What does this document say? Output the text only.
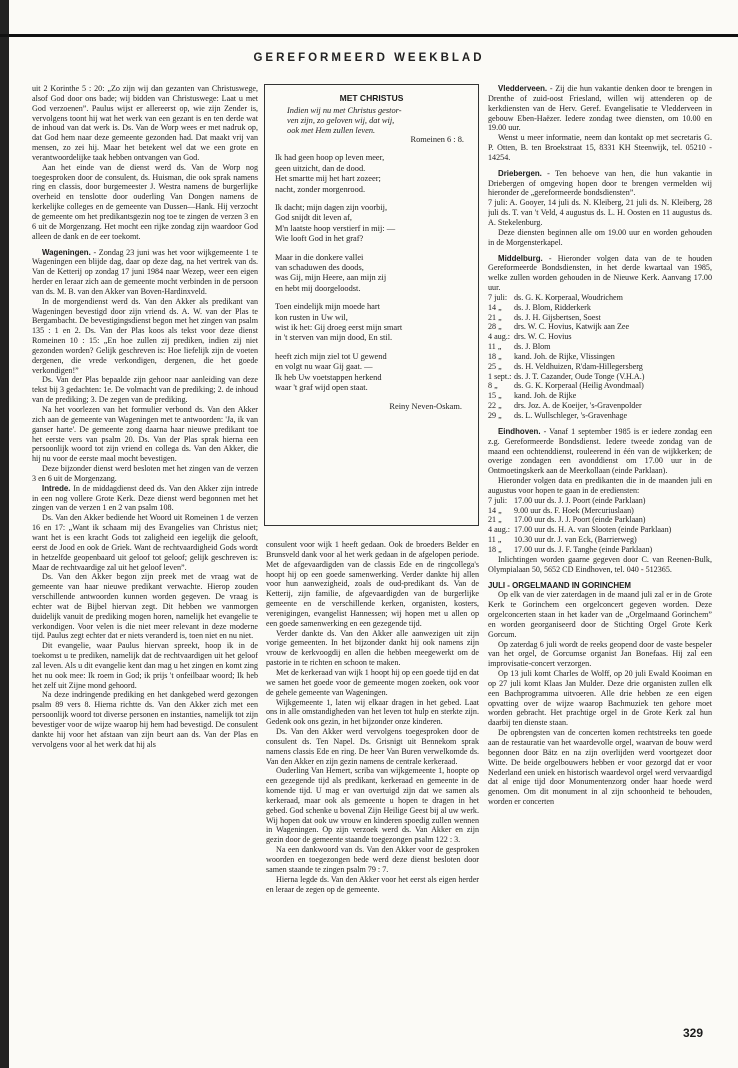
GEREFORMEERD WEEKBLAD

uit 2 Korinthe 5 : 20: „Zo zijn wij dan gezanten van Christuswege, alsof God door ons bade; wij bidden van Christuswege: Laat u met God verzoenen”. Paulus wijst er allereerst op, wie zijn Zender is, vervolgens toont hij wat het werk van een gezant is en ten derde wat de inhoud van dat werk is. Ds. Van de Worp wees er met nadruk op, dat God hem naar deze gemeente gezonden had. Dat maakt vrij van mensen, zo zei hij. Maar het betekent wel dat we een grote en verantwoordelijke taak hebben ontvangen van God.

Aan het einde van de dienst werd ds. Van de Worp nog toegesproken door de consulent, ds. Huisman, die ook sprak namens ring en classis, door burgemeester J. Westra namens de burgerlijke overheid en tenslotte door ouderling Van Dongen namens de kerkelijke colleges en de gemeente van Dussen—Hank. Hij verzocht de gemeente om het predikantsgezin nog toe te zingen de verzen 3 en 6 uit de Morgenzang. Het mocht een rijke zondag zijn waardoor God alleen de dank en de eer toekomt.

Wageningen. - Zondag 23 juni was het voor wijkgemeente 1 te Wageningen een blijde dag, daar op deze dag, na het vertrek van ds. Van de Ketterij op zondag 17 juni 1984 naar Wezep, weer een eigen herder en leraar zich aan de gemeente mocht verbinden in de persoon van ds. M. B. van den Akker van Boven-Hardinxveld.

In de morgendienst werd ds. Van den Akker als predikant van Wageningen bevestigd door zijn vriend ds. A. W. van der Plas te Bergambacht. De bevestigingsdienst begon met het zingen van psalm 135 : 1 en 2. Ds. Van der Plas koos als tekst voor deze dienst Romeinen 10 : 15: „En hoe zullen zij prediken, indien zij niet gezonden worden? Gelijk geschreven is: Hoe liefelijk zijn de voeten dergenen, die vrede verkondigen, dergenen, die het goede verkondigen!”

Ds. Van der Plas bepaalde zijn gehoor naar aanleiding van deze tekst bij 3 gedachten: 1e. De volmacht van de prediking; 2. de inhoud van de prediking; 3. De zegen van de prediking.

Na het voorlezen van het formulier verbond ds. Van den Akker zich aan de gemeente van Wageningen met te antwoorden: 'Ja, ik van ganser harte'. De gemeente zong daarna haar nieuwe predikant toe het eerste vers van psalm 20. Ds. Van der Plas sprak hierna een persoonlijk woord tot zijn vriend en collega ds. Van den Akker, die hij nu voor de eerste maal mocht bevestigen.

Deze bijzonder dienst werd besloten met het zingen van de verzen 3 en 6 uit de Morgenzang.

Intrede. In de middagdienst deed ds. Van den Akker zijn intrede in een nog vollere Grote Kerk. Deze dienst werd begonnen met het zingen van de verzen 1 en 2 van psalm 108.

Ds. Van den Akker bediende het Woord uit Romeinen 1 de verzen 16 en 17: „Want ik schaam mij des Evangelies van Christus niet; want het is een kracht Gods tot zaligheid een iegelijk die gelooft, eerst de Jood en ook de Griek. Want de rechtvaardigheid Gods wordt in hetzelfde geopenbaard uit geloof tot geloof; gelijk geschreven is: Maar de rechtvaardige zal uit het geloof leven”.

Ds. Van den Akker begon zijn preek met de vraag wat de gemeente van haar nieuwe predikant verwachte. Hierop zouden verschillende antwoorden kunnen worden gegeven. De vraag is echter wat de Bijbel hiervan zegt. Dit hebben we vanmorgen duidelijk vanuit de prediking mogen horen, namelijk het evangelie te verkondigen. Voor velen is die niet meer relevant in deze moderne tijd. Paulus zegt echter dat er niets veranderd is, toen niet en nu niet.

Dit evangelie, waar Paulus hiervan spreekt, hoop ik in de toekomst u te prediken, namelijk dat de rechtvaardigen uit het geloof zal leven. Als u dit evangelie kent dan mag u het zingen en komt zing het nu ook mee: Ik roem in God; ik prijs 't onfeilbaar woord; Ik heb het zelf uit Zijne mond gehoord.

Na deze indringende prediking en het dankgebed werd gezongen psalm 89 vers 8. Hierna richtte ds. Van den Akker zich met een persoonlijk woord tot diverse personen en instanties, namelijk tot zijn bevestiger voor de wijze waarop hij hem had bevestigd. De consulent dankte hij voor het afstaan van zijn beurt aan ds. Van der Plas en vervolgens voor al het werk dat hij als

MET CHRISTUS
Indien wij nu met Christus gestor-
ven zijn, zo geloven wij, dat wij,
ook met Hem zullen leven.
Romeinen 6 : 8.
Ik had geen hoop op leven meer,
geen uitzicht, dan de dood.
Het smartte mij het hart zozeer;
nacht, zonder morgenrood.
Ik dacht; mijn dagen zijn voorbij,
God snijdt dit leven af,
M'n laatste hoop verstierf in mij: —
Wie looft God in het graf?
Maar in die donkere vallei
van schaduwen des doods,
was Gij, mijn Heere, aan mijn zij
en hebt mij doorgeloodst.
Toen eindelijk mijn moede hart
kon rusten in Uw wil,
wist ik het: Gij droeg eerst mijn smart
in 't sterven van mijn dood, En stil.
heeft zich mijn ziel tot U gewend
en volgt nu waar Gij gaat. —
Ik heb Uw voetstappen herkend
waar 't graf wijd open staat.
Reiny Neven-Oskam.

consulent voor wijk 1 heeft gedaan. Ook de broeders Belder en Brunsveld dank voor al het werk gedaan in de afgelopen periode. Met de afgevaardigden van de classis Ede en de ringcollega's hoopt hij op een goede samenwerking. Verder dankte hij allen voor hun aanwezigheid, zoals de oud-predikant ds. Van de Ketterij, zijn familie, de afgevaardigden van de burgerlijke gemeente en de verschillende kerken, organisten, kosters, verenigingen, evangelist Hannessen; wij hopen met u allen op een goede samenwerking en een gezegende tijd.

Verder dankte ds. Van den Akker alle aanwezigen uit zijn vorige gemeenten. In het bijzonder dankt hij ook namens zijn vrouw de kerkvoogdij en allen die hebben meegewerkt om de pastorie in te richten en schoon te maken.

Met de kerkeraad van wijk 1 hoopt hij op een goede tijd en dat we samen het goede voor de gemeente mogen zoeken, ook voor de gehele gemeente van Wageningen.

Wijkgemeente 1, laten wij elkaar dragen in het gebed. Laat ons in alle omstandigheden van het leven tot hulp en sterkte zijn. Gedenk ook ons gezin, in het bijzonder onze kinderen.

Ds. Van den Akker werd vervolgens toegesproken door de consulent ds. Ten Napel. Ds. Grisnigt uit Bennekom sprak namens classis Ede en ring. De heer Van Buren verwelkomde ds. Van den Akker en zijn gezin namens de centrale kerkeraad.

Ouderling Van Hemert, scriba van wijkgemeente 1, hoopte op een gezegende tijd als predikant, kerkeraad en gemeente in de komende tijd. U mag er van overtuigd zijn dat we samen als kerkeraad, maar ook als gemeente u hopen te dragen in het gebed. God schenke u bovenal Zijn Heilige Geest bij al uw werk. Wij hopen dat ook uw vrouw en kinderen spoedig zullen wennen in Wageningen. Op zijn verzoek werd ds. Van Akker en zijn gezin door de gemeente staande toegezongen psalm 122 : 3.

Na een dankwoord van ds. Van den Akker voor de gesproken woorden en toegezongen bede werd deze dienst besloten door samen staande te zingen psalm 79 : 7.

Hierna legde ds. Van den Akker voor het eerst als eigen herder en leraar de zegen op de gemeente.

Vledderveen. - Zij die hun vakantie denken door te brengen in Drenthe of zuid-oost Friesland, willen wij attenderen op de kerkdiensten van de Herv. Geref. Evangelisatie te Vledderveen in gebouw Eben-Haëzer. Iedere zondag twee diensten, om 10.00 en 19.00 uur.

Wenst u meer informatie, neem dan kontakt op met secretaris G. P. Otten, B. ten Broekstraat 15, 8331 KH Steenwijk, tel. 05210 - 14254.

Driebergen. - Ten behoeve van hen, die hun vakantie in Driebergen of omgeving hopen door te brengen vermelden wij hieronder de „gereformeerde bondsdiensten”.

7 juli: A. Gooyer, 14 juli ds. N. Kleiberg, 21 juli ds. N. Kleiberg, 28 juli ds. T. van 't Veld, 4 augustus ds. L. H. Oosten en 11 augustus ds. A. Stekelenburg.

Deze diensten beginnen alle om 19.00 uur en worden gehouden in de Morgensterkapel.

Middelburg. - Hieronder volgen data van de te houden Gereformeerde Bondsdiensten, in het derde kwartaal van 1985, welke zullen worden gehouden in de Nieuwe Kerk. Aanvang 17.00 uur.

7 juli: ds. G. K. Korperaal, Woudrichem
14 „	ds. J. Blom, Ridderkerk
21 „	ds. J. H. Gijsbertsen, Soest
28 „	drs. W. C. Hovius, Katwijk aan Zee
4 aug.: drs. W. C. Hovius
11 „	ds. J. Blom
18 „	kand. Joh. de Rijke, Vlissingen
25 „	ds. H. Veldhuizen, R'dam-Hillegersberg
1 sept.: ds. J. T. Cazander, Oude Tonge (V.H.A.)
8 „	ds. G. K. Korperaal (Heilig Avondmaal)
15 „	kand. Joh. de Rijke
22 „	drs. Joz. A. de Koeijer, 's-Gravenpolder
29 „	ds. L. Wullschleger, 's-Gravenhage

Eindhoven. - Vanaf 1 september 1985 is er iedere zondag een z.g. Gereformeerde Bondsdienst. Iedere tweede zondag van de maand een ochtenddienst, rouleerend in één van de wijkkerken; de overige zondagen een avonddienst om 17.00 uur in de Ontmoetingskerk aan de Meerkollaan (einde Parklaan).

Hieronder volgen data en predikanten die in de maanden juli en augustus voor hopen te gaan in de erediensten:

7 juli: 17.00 uur ds. J. J. Poort (einde Parklaan)
14 „	9.00 uur ds. F. Hoek (Mercuriuslaan)
21 „	17.00 uur ds. J. J. Poort (einde Parklaan)
4 aug.: 17.00 uur ds. H. A. van Slooten (einde Parklaan)
11 „	10.30 uur dr. J. van Eck, (Barrierweg)
18 „	17.00 uur ds. J. F. Tanghe (einde Parklaan)

Inlichtingen worden gaarne gegeven door C. van Reenen-Bulk, Olympialaan 50, 5652 CD Eindhoven, tel. 040 - 512365.

JULI - ORGELMAAND IN GORINCHEM

Op elk van de vier zaterdagen in de maand juli zal er in de Grote Kerk te Gorinchem een orgelconcert gegeven worden. Deze orgelconcerten staan in het kader van de „Orgelmaand Gorinchem” en worden georganiseerd door de Stichting Orgel Grote Kerk Gorcum.

Op zaterdag 6 juli wordt de reeks geopend door de vaste bespeler van het orgel, de Gorcumse organist Jan Bonefaas. Hij zal een improvisatie-concert verzorgen.

Op 13 juli komt Charles de Wolff, op 20 juli Ewald Kooiman en op 27 juli komt Klaas Jan Mulder. Deze drie organisten zullen elk een Bachprogramma uitvoeren. Alle drie hebben ze een eigen opvatting over de wijze waarop Bachmuziek ten gehore moet worden gebracht. Het prachtige orgel in de Grote Kerk zal hun daarbij ten dienste staan.

De opbrengsten van de concerten komen rechtstreeks ten goede aan de restauratie van het waardevolle orgel, waarvan de bouw werd begonnen door Bätz en na zijn overlijden werd voortgezet door Witte. De beide orgelbouwers hebben er voor gezorgd dat er voor Nederland een uniek en historisch waardevol orgel werd vervaardigd dat al enige tijd door Monumentenzorg onder haar hoede werd genomen. Om dit monument in al zijn schoonheid te behouden, worden er concerten

329
